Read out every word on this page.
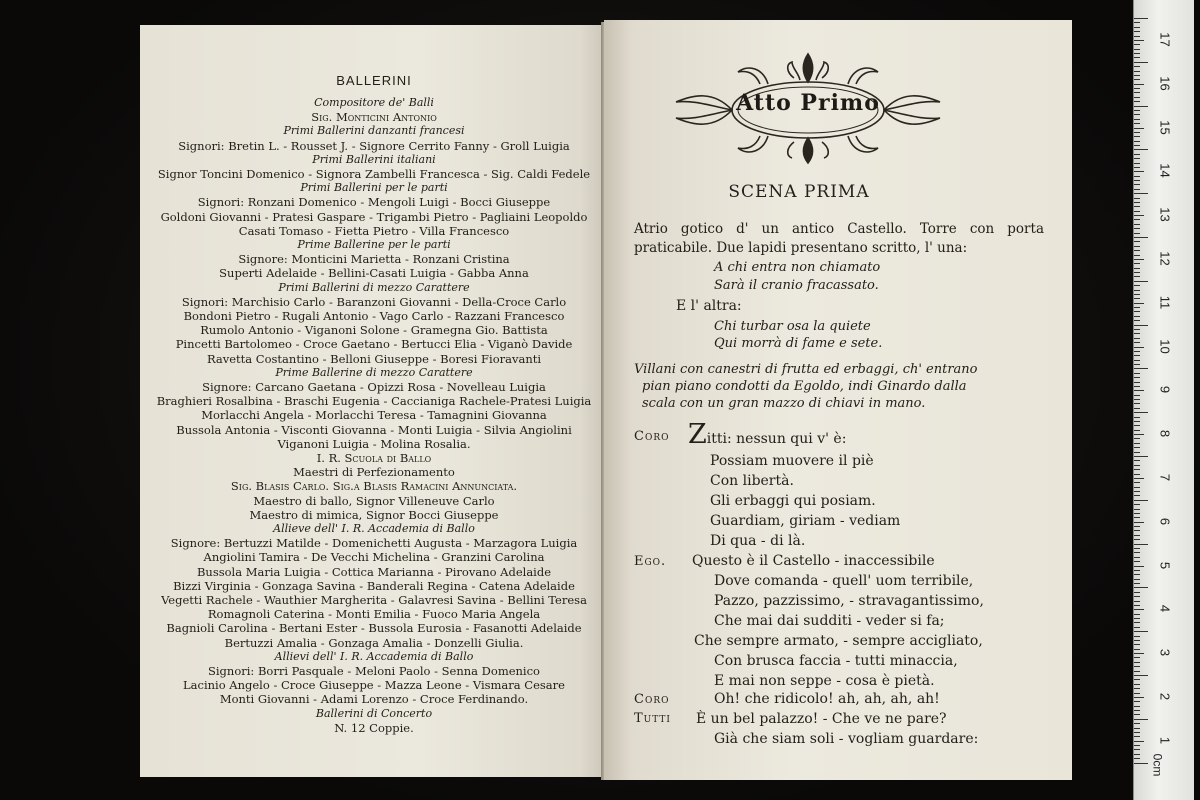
BALLERINI
Compositore de' Balli
Sig. Monticini Antonio
Primi Ballerini danzanti francesi
Signori: Bretin L. - Rousset J. - Signore Cerrito Fanny - Groll Luigia
Primi Ballerini italiani
Signor Toncini Domenico - Signora Zambelli Francesca - Sig. Caldi Fedele
Primi Ballerini per le parti
Signori: Ronzani Domenico - Mengoli Luigi - Bocci Giuseppe
Goldoni Giovanni - Pratesi Gaspare - Trigambi Pietro - Pagliaini Leopoldo
Casati Tomaso - Fietta Pietro - Villa Francesco
Prime Ballerine per le parti
Signore: Monticini Marietta - Ronzani Cristina
Superti Adelaide - Bellini-Casati Luigia - Gabba Anna
Primi Ballerini di mezzo Carattere
Signori: Marchisio Carlo - Baranzoni Giovanni - Della-Croce Carlo
Bondoni Pietro - Rugali Antonio - Vago Carlo - Razzani Francesco
Rumolo Antonio - Viganoni Solone - Gramegna Gio. Battista
Pincetti Bartolomeo - Croce Gaetano - Bertucci Elia - Viganò Davide
Ravetta Costantino - Belloni Giuseppe - Boresi Fioravanti
Prime Ballerine di mezzo Carattere
Signore: Carcano Gaetana - Opizzi Rosa - Novelleau Luigia
Braghieri Rosalbina - Braschi Eugenia - Caccianiga Rachele-Pratesi Luigia
Morlacchi Angela - Morlacchi Teresa - Tamagnini Giovanna
Bussola Antonia - Visconti Giovanna - Monti Luigia - Silvia Angiolini
Viganoni Luigia - Molina Rosalia.
I. R. Scuola di Ballo
Maestri di Perfezionamento
Sig. Blasis Carlo. Sig.a Blasis Ramacini Annunciata.
Maestro di ballo, Signor Villeneuve Carlo
Maestro di mimica, Signor Bocci Giuseppe
Allieve dell' I. R. Accademia di Ballo
Signore: Bertuzzi Matilde - Domenichetti Augusta - Marzagora Luigia
Angiolini Tamira - De Vecchi Michelina - Granzini Carolina
Bussola Maria Luigia - Cottica Marianna - Pirovano Adelaide
Bizzi Virginia - Gonzaga Savina - Banderali Regina - Catena Adelaide
Vegetti Rachele - Wauthier Margherita - Galavresi Savina - Bellini Teresa
Romagnoli Caterina - Monti Emilia - Fuoco Maria Angela
Bagnioli Carolina - Bertani Ester - Bussola Eurosia - Fasanotti Adelaide
Bertuzzi Amalia - Gonzaga Amalia - Donzelli Giulia.
Allievi dell' I. R. Accademia di Ballo
Signori: Borri Pasquale - Meloni Paolo - Senna Domenico
Lacinio Angelo - Croce Giuseppe - Mazza Leone - Vismara Cesare
Monti Giovanni - Adami Lorenzo - Croce Ferdinando.
Ballerini di Concerto
N. 12 Coppie.
Atto Primo
SCENA PRIMA
Atrio gotico d' un antico Castello. Torre con porta praticabile. Due lapidi presentano scritto, l' una:
A chi entra non chiamato
Sarà il cranio fracassato.
E l' altra:
Chi turbar osa la quiete
Qui morrà di fame e sete.
Villani con canestri di frutta ed erbaggi, ch' entrano
pian piano condotti da Egoldo, indi Ginardo dalla
scala con un gran mazzo di chiavi in mano.
Coro Zitti: nessun qui v' è:
Possiam muovere il piè
Con libertà.
Gli erbaggi qui posiam.
Guardiam, giriam - vediam
Di qua - di là.
Ego. Questo è il Castello - inaccessibile
Dove comanda - quell' uom terribile,
Pazzo, pazzissimo, - stravagantissimo,
Che mai dai sudditi - veder si fa;
Che sempre armato, - sempre accigliato,
Con brusca faccia - tutti minaccia,
E mai non seppe - cosa è pietà.
Coro	Oh! che ridicolo! ah, ah, ah, ah!
Tutti È un bel palazzo! - Che ve ne pare?
Già che siam soli - vogliam guardare:
17
16
15
14
13
12
11
10
9
8
7
6
5
4
3
2
1
0cm
